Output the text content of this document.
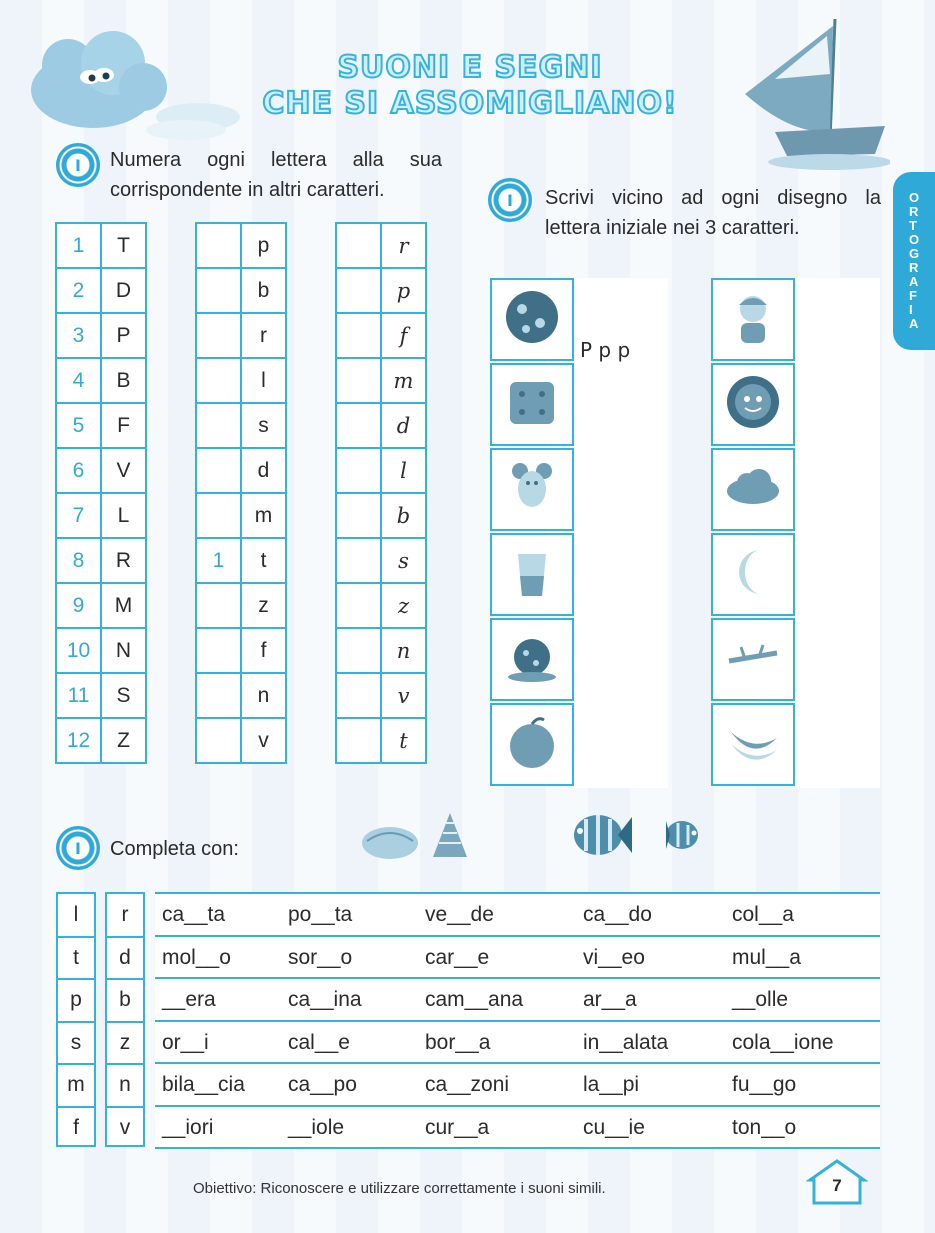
SUONI E SEGNI
CHE SI ASSOMIGLIANO!
O
R
T
O
G
R
A
F
I
A
I Numera ogni lettera alla sua
corrispondente in altri caratteri.
1	T
2	D
3	P
4	B
5	F
6	V
7	L
8	R
9	M
10	N
11	S
12	Z
	p
	b
	r
	l
	s
	d
	m
1	t
	z
	f
	n
	v
	r
	p
	f
	m
	d
	l
	b
	s
	z
	n
	v
	t
I Scrivi vicino ad ogni disegno la
lettera iniziale nei 3 caratteri.
P p p
I Completa con:
l	r
t	d
p	b
s	z
m	n
f	v
ca__ta	po__ta	ve__de	ca__do	col__a
mol__o	sor__o	car__e	vi__eo	mul__a
__era	ca__ina	cam__ana	ar__a	__olle
or__i	cal__e	bor__a	in__alata	cola__ione
bila__cia ca__po	ca__zoni	la__pi	fu__go
__iori	__iole	cur__a	cu__ie	ton__o
Obiettivo: Riconoscere e utilizzare correttamente i suoni simili.	7
